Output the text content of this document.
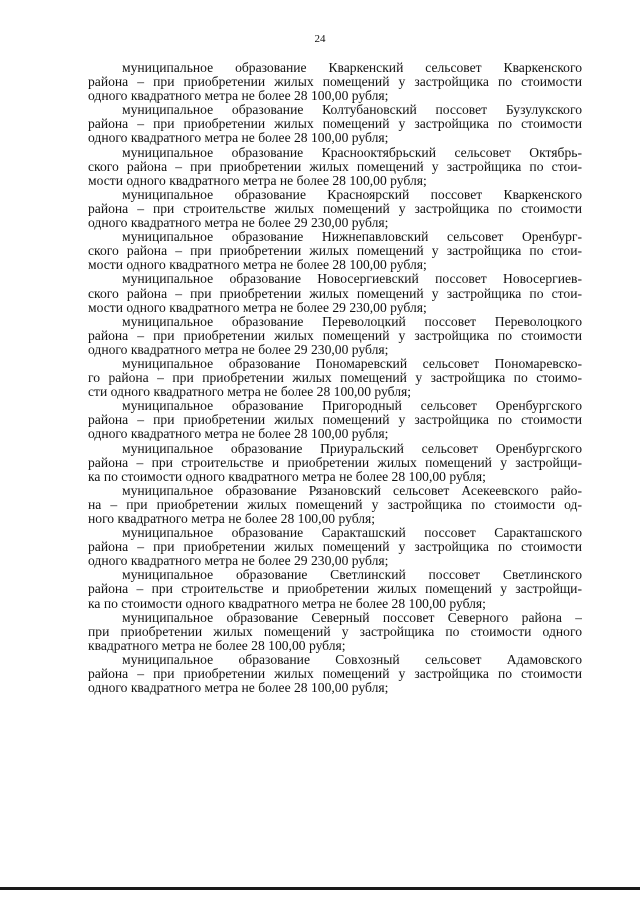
24
муниципальное образование Кваркенский сельсовет Кваркенского
района – при приобретении жилых помещений у застройщика по стоимости
одного квадратного метра не более 28 100,00 рубля;
муниципальное образование Колтубановский поссовет Бузулукского
района – при приобретении жилых помещений у застройщика по стоимости
одного квадратного метра не более 28 100,00 рубля;
муниципальное образование Краснооктябрьский сельсовет Октябрь-
ского района – при приобретении жилых помещений у застройщика по стои-
мости одного квадратного метра не более 28 100,00 рубля;
муниципальное образование Красноярский поссовет Кваркенского
района – при строительстве жилых помещений у застройщика по стоимости
одного квадратного метра не более 29 230,00 рубля;
муниципальное образование Нижнепавловский сельсовет Оренбург-
ского района – при приобретении жилых помещений у застройщика по стои-
мости одного квадратного метра не более 28 100,00 рубля;
муниципальное образование Новосергиевский поссовет Новосергиев-
ского района – при приобретении жилых помещений у застройщика по стои-
мости одного квадратного метра не более 29 230,00 рубля;
муниципальное образование Переволоцкий поссовет Переволоцкого
района – при приобретении жилых помещений у застройщика по стоимости
одного квадратного метра не более 29 230,00 рубля;
муниципальное образование Пономаревский сельсовет Пономаревско-
го района – при приобретении жилых помещений у застройщика по стоимо-
сти одного квадратного метра не более 28 100,00 рубля;
муниципальное образование Пригородный сельсовет Оренбургского
района – при приобретении жилых помещений у застройщика по стоимости
одного квадратного метра не более 28 100,00 рубля;
муниципальное образование Приуральский сельсовет Оренбургского
района – при строительстве и приобретении жилых помещений у застройщи-
ка по стоимости одного квадратного метра не более 28 100,00 рубля;
муниципальное образование Рязановский сельсовет Асекеевского райо-
на – при приобретении жилых помещений у застройщика по стоимости од-
ного квадратного метра не более 28 100,00 рубля;
муниципальное образование Саракташский поссовет Саракташского
района – при приобретении жилых помещений у застройщика по стоимости
одного квадратного метра не более 29 230,00 рубля;
муниципальное образование Светлинский поссовет Светлинского
района – при строительстве и приобретении жилых помещений у застройщи-
ка по стоимости одного квадратного метра не более 28 100,00 рубля;
муниципальное образование Северный поссовет Северного района –
при приобретении жилых помещений у застройщика по стоимости одного
квадратного метра не более 28 100,00 рубля;
муниципальное образование Совхозный сельсовет Адамовского
района – при приобретении жилых помещений у застройщика по стоимости
одного квадратного метра не более 28 100,00 рубля;
